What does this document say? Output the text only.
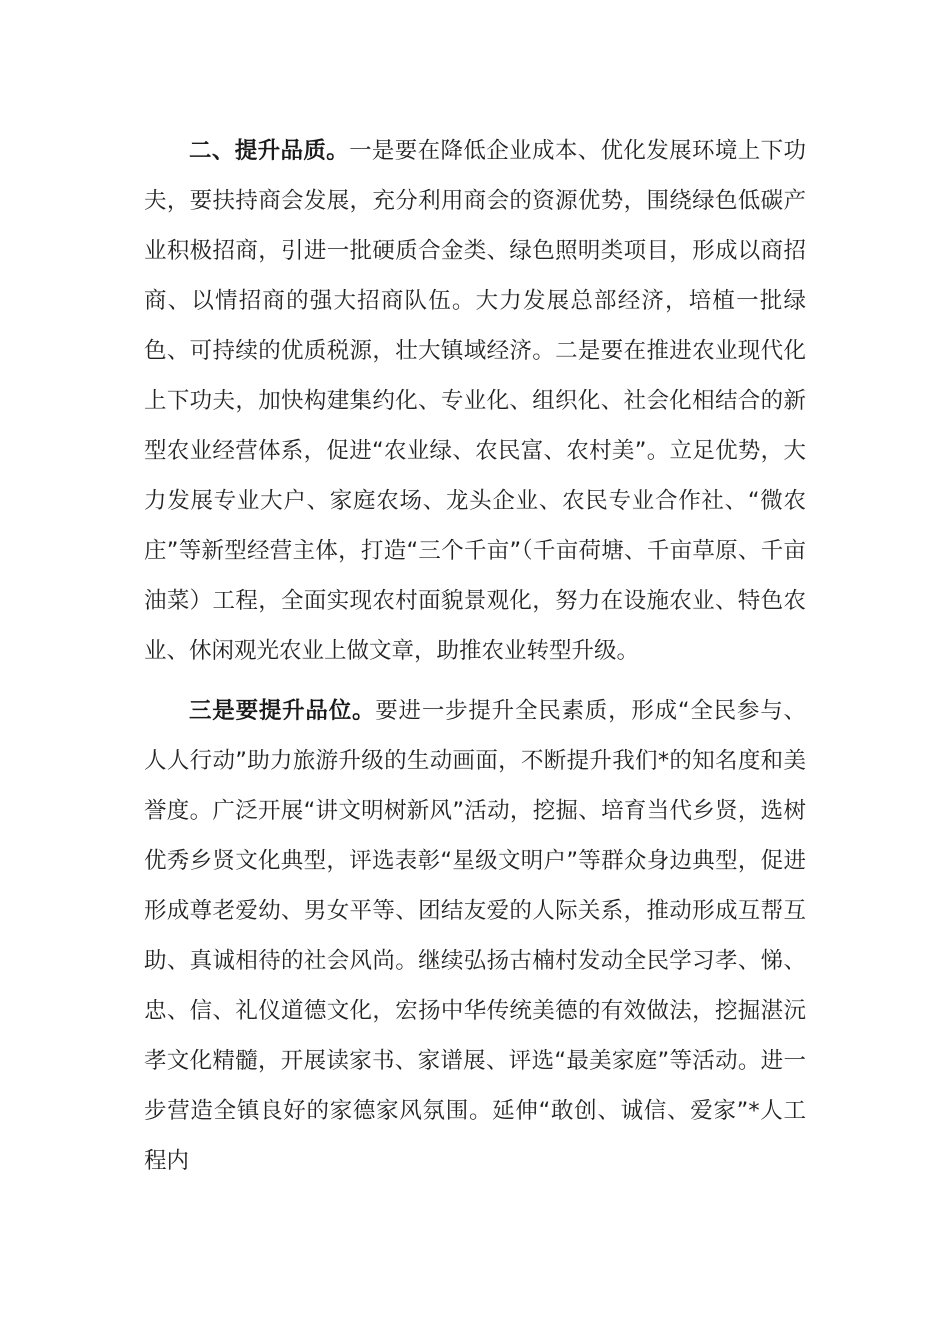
二、提升品质。一是要在降低企业成本、优化发展环境上下功夫，要扶持商会发展，充分利用商会的资源优势，围绕绿色低碳产业积极招商，引进一批硬质合金类、绿色照明类项目，形成以商招商、以情招商的强大招商队伍。大力发展总部经济，培植一批绿色、可持续的优质税源，壮大镇域经济。二是要在推进农业现代化上下功夫，加快构建集约化、专业化、组织化、社会化相结合的新型农业经营体系，促进“农业绿、农民富、农村美”。立足优势，大力发展专业大户、家庭农场、龙头企业、农民专业合作社、“微农庄”等新型经营主体，打造“三个千亩”（千亩荷塘、千亩草原、千亩油菜）工程，全面实现农村面貌景观化，努力在设施农业、特色农业、休闲观光农业上做文章，助推农业转型升级。

三是要提升品位。要进一步提升全民素质，形成“全民参与、人人行动”助力旅游升级的生动画面，不断提升我们*的知名度和美誉度。广泛开展“讲文明树新风”活动，挖掘、培育当代乡贤，选树优秀乡贤文化典型，评选表彰“星级文明户”等群众身边典型，促进形成尊老爱幼、男女平等、团结友爱的人际关系，推动形成互帮互助、真诚相待的社会风尚。继续弘扬古楠村发动全民学习孝、悌、忠、信、礼仪道德文化，宏扬中华传统美德的有效做法，挖掘湛沅孝文化精髓，开展读家书、家谱展、评选“最美家庭”等活动。进一步营造全镇良好的家德家风氛围。延伸“敢创、诚信、爱家”*人工程内
